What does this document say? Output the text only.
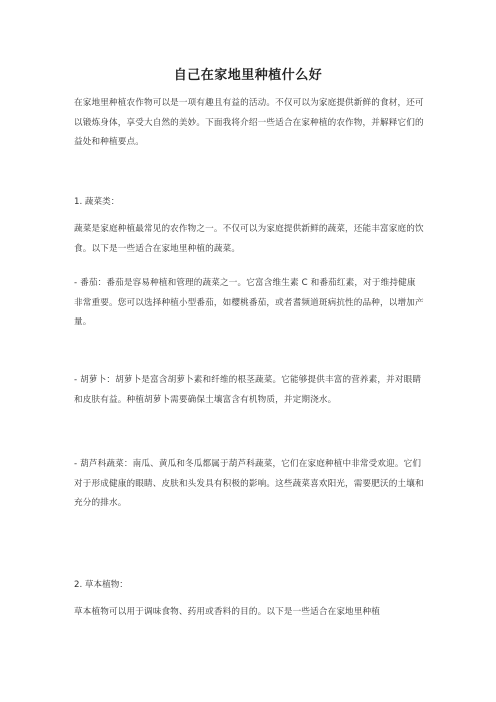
自己在家地里种植什么好

在家地里种植农作物可以是一项有趣且有益的活动。不仅可以为家庭提供新鲜的食材，还可以锻炼身体，享受大自然的美妙。下面我将介绍一些适合在家种植的农作物，并解释它们的益处和种植要点。

1. 蔬菜类：

蔬菜是家庭种植最常见的农作物之一。不仅可以为家庭提供新鲜的蔬菜，还能丰富家庭的饮食。以下是一些适合在家地里种植的蔬菜。

- 番茄：番茄是容易种植和管理的蔬菜之一。它富含维生素 C 和番茄红素，对于维持健康非常重要。您可以选择种植小型番茄，如樱桃番茄，或者耆频道斑病抗性的品种，以增加产量。

- 胡萝卜：胡萝卜是富含胡萝卜素和纤维的根茎蔬菜。它能够提供丰富的营养素，并对眼睛和皮肤有益。种植胡萝卜需要确保土壤富含有机物质，并定期浇水。

- 葫芦科蔬菜：南瓜、黄瓜和冬瓜都属于葫芦科蔬菜，它们在家庭种植中非常受欢迎。它们对于形成健康的眼睛、皮肤和头发具有积极的影响。这些蔬菜喜欢阳光，需要肥沃的土壤和充分的排水。

2. 草本植物：

草本植物可以用于调味食物、药用或香料的目的。以下是一些适合在家地里种植
